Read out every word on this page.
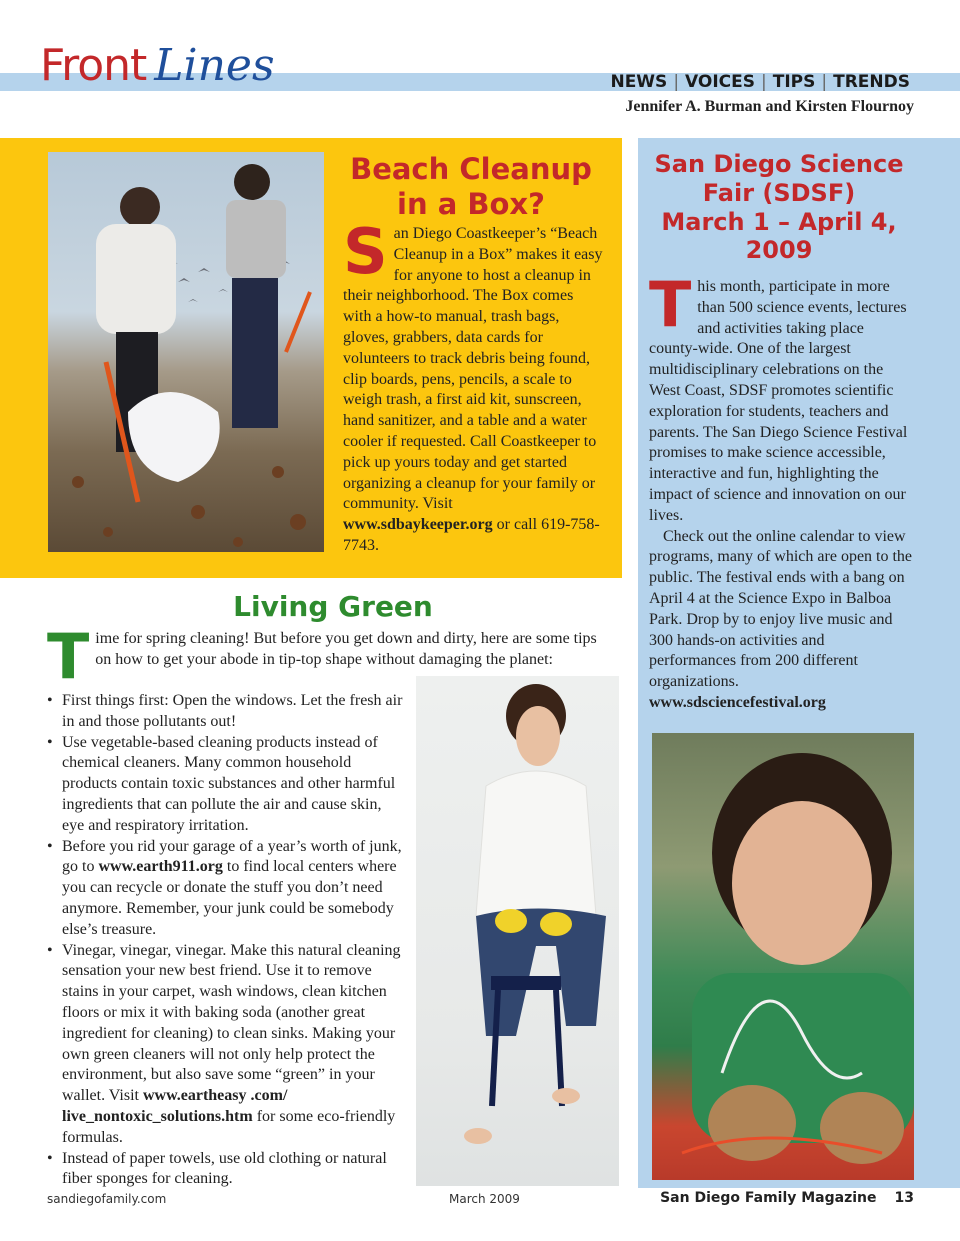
Front Lines	NEWS | VOICES | TIPS | TRENDS
Jennifer A. Burman and Kirsten Flournoy
Beach Cleanup
in a Box?
San Diego Coastkeeper’s “Beach Cleanup in a Box” makes it easy for anyone to host a cleanup in their neighborhood. The Box comes with a how-to manual, trash bags, gloves, grabbers, data cards for volunteers to track debris being found, clip boards, pens, pencils, a scale to weigh trash, a first aid kit, sunscreen, hand sanitizer, and a table and a water cooler if requested. Call Coastkeeper to pick up yours today and get started organizing a cleanup for your family or community. Visit www.sdbaykeeper.org or call 619-758-7743.
San Diego Science
Fair (SDSF)
March 1 – April 4,
2009
This month, participate in more than 500 science events, lectures and activities taking place county-wide. One of the largest multidisciplinary celebrations on the West Coast, SDSF promotes scientific exploration for students, teachers and parents. The San Diego Science Festival promises to make science accessible, interactive and fun, highlighting the impact of science and innovation on our lives.
Check out the online calendar to view programs, many of which are open to the public. The festival ends with a bang on April 4 at the Science Expo in Balboa Park. Drop by to enjoy live music and 300 hands-on activities and performances from 200 different organizations.
www.sdsciencefestival.org
Living Green
Time for spring cleaning! But before you get down and dirty, here are some tips on how to get your abode in tip-top shape without damaging the planet:
• First things first: Open the windows. Let the fresh air in and those pollutants out!
• Use vegetable-based cleaning products instead of chemical cleaners. Many common household products contain toxic substances and other harmful ingredients that can pollute the air and cause skin, eye and respiratory irritation.
• Before you rid your garage of a year’s worth of junk, go to www.earth911.org to find local centers where you can recycle or donate the stuff you don’t need anymore. Remember, your junk could be somebody else’s treasure.
• Vinegar, vinegar, vinegar. Make this natural cleaning sensation your new best friend. Use it to remove stains in your carpet, wash windows, clean kitchen floors or mix it with baking soda (another great ingredient for cleaning) to clean sinks. Making your own green cleaners will not only help protect the environment, but also save some “green” in your wallet. Visit www.eartheasy .com/ live_nontoxic_solutions.htm for some eco-friendly formulas.
• Instead of paper towels, use old clothing or natural fiber sponges for cleaning.
sandiegofamily.com	March 2009	San Diego Family Magazine 13
